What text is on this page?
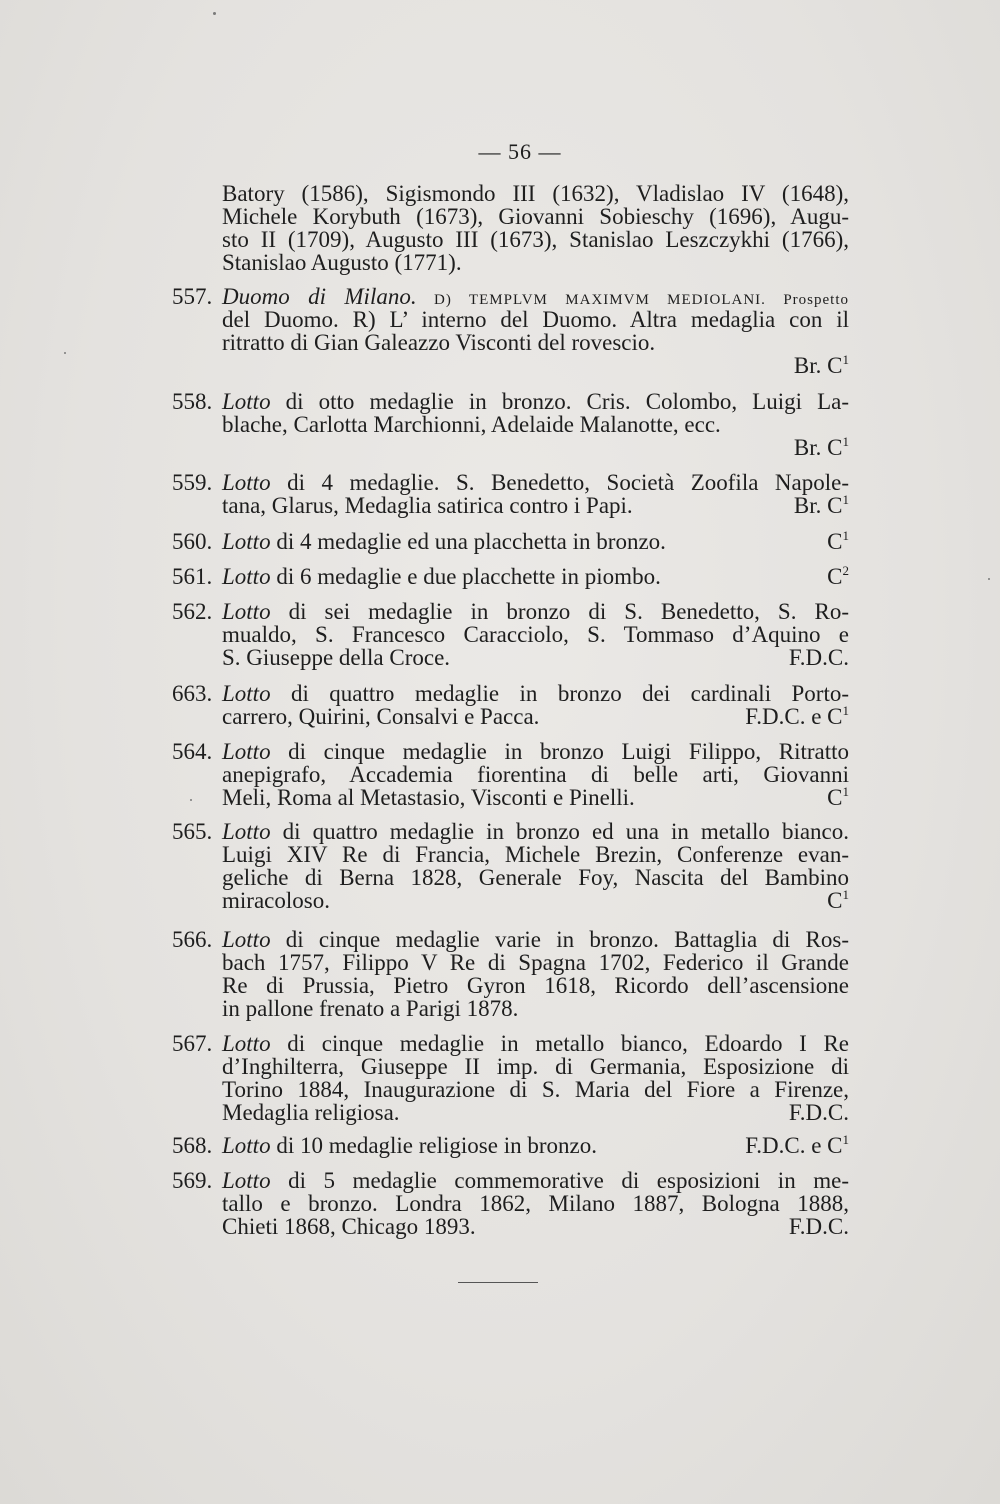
— 56 —
Batory (1586), Sigismondo III (1632), Vladislao IV (1648),
Michele Korybuth (1673), Giovanni Sobieschy (1696), Augu-
sto II (1709), Augusto III (1673), Stanislao Leszczykhi (1766),
Stanislao Augusto (1771).
557. Duomo di Milano. D) TEMPLVM MAXIMVM MEDIOLANI. Prospetto
del Duomo. R) L’ interno del Duomo. Altra medaglia con il
ritratto di Gian Galeazzo Visconti del rovescio.
Br. $C^1$
558. Lotto di otto medaglie in bronzo. Cris. Colombo, Luigi La-
blache, Carlotta Marchionni, Adelaide Malanotte, ecc.
Br. $C^1$
559. Lotto di 4 medaglie. S. Benedetto, Società Zoofila Napole-
tana, Glarus, Medaglia satirica contro i Papi.	Br. $C^1$
560. Lotto di 4 medaglie ed una placchetta in bronzo.	$C^1$
561. Lotto di 6 medaglie e due placchette in piombo.	$C^2$
562. Lotto di sei medaglie in bronzo di S. Benedetto, S. Ro-
mualdo, S. Francesco Caracciolo, S. Tommaso d’Aquino e
S. Giuseppe della Croce.	F.D.C.
663. Lotto di quattro medaglie in bronzo dei cardinali Porto-
carrero, Quirini, Consalvi e Pacca.	F.D.C. e $C^1$
564. Lotto di cinque medaglie in bronzo Luigi Filippo, Ritratto
anepigrafo, Accademia fiorentina di belle arti, Giovanni
Meli, Roma al Metastasio, Visconti e Pinelli.	$C^1$
565. Lotto di quattro medaglie in bronzo ed una in metallo bianco.
Luigi XIV Re di Francia, Michele Brezin, Conferenze evan-
geliche di Berna 1828, Generale Foy, Nascita del Bambino
miracoloso.	$C^1$
566. Lotto di cinque medaglie varie in bronzo. Battaglia di Ros-
bach 1757, Filippo V Re di Spagna 1702, Federico il Grande
Re di Prussia, Pietro Gyron 1618, Ricordo dell’ascensione
in pallone frenato a Parigi 1878.
567. Lotto di cinque medaglie in metallo bianco, Edoardo I Re
d’Inghilterra, Giuseppe II imp. di Germania, Esposizione di
Torino 1884, Inaugurazione di S. Maria del Fiore a Firenze,
Medaglia religiosa.	F.D.C.
568. Lotto di 10 medaglie religiose in bronzo.	F.D.C. e $C^1$
569. Lotto di 5 medaglie commemorative di esposizioni in me-
tallo e bronzo. Londra 1862, Milano 1887, Bologna 1888,
Chieti 1868, Chicago 1893.	F.D.C.
